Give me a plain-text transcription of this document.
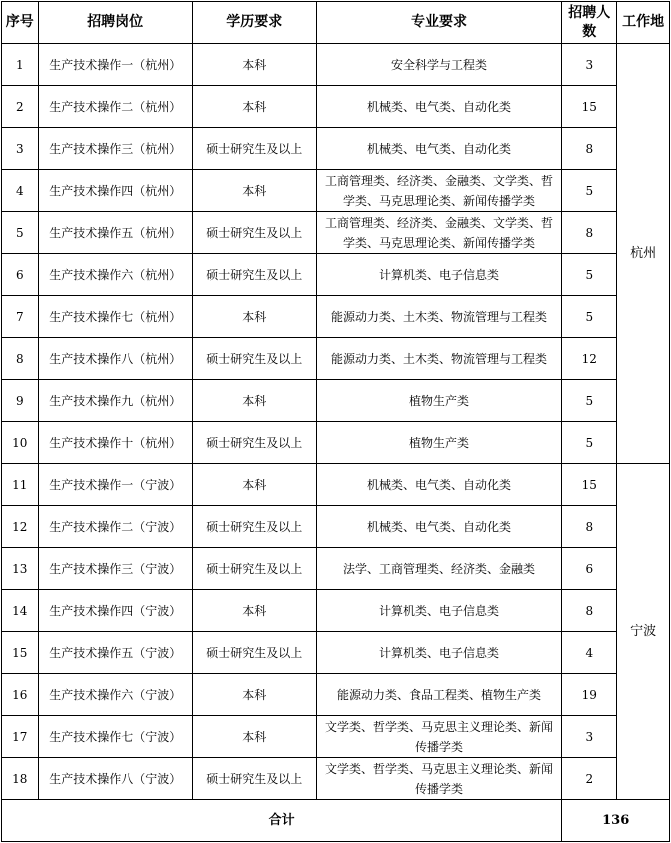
序号	招聘岗位	学历要求	专业要求	招聘人数	工作地
1	生产技术操作一（杭州）	本科	安全科学与工程类	3	杭州
2	生产技术操作二（杭州）	本科	机械类、电气类、自动化类	15	
3	生产技术操作三（杭州）	硕士研究生及以上	机械类、电气类、自动化类	8	
4	生产技术操作四（杭州）	本科	工商管理类、经济类、金融类、文学类、哲学类、马克思理论类、新闻传播学类	5	
5	生产技术操作五（杭州）	硕士研究生及以上	工商管理类、经济类、金融类、文学类、哲学类、马克思理论类、新闻传播学类	8	
6	生产技术操作六（杭州）	硕士研究生及以上	计算机类、电子信息类	5	
7	生产技术操作七（杭州）	本科	能源动力类、土木类、物流管理与工程类	5	
8	生产技术操作八（杭州）	硕士研究生及以上	能源动力类、土木类、物流管理与工程类	12	
9	生产技术操作九（杭州）	本科	植物生产类	5	
10	生产技术操作十（杭州）	硕士研究生及以上	植物生产类	5	
11	生产技术操作一（宁波）	本科	机械类、电气类、自动化类	15	宁波
12	生产技术操作二（宁波）	硕士研究生及以上	机械类、电气类、自动化类	8	
13	生产技术操作三（宁波）	硕士研究生及以上	法学、工商管理类、经济类、金融类	6	
14	生产技术操作四（宁波）	本科	计算机类、电子信息类	8	
15	生产技术操作五（宁波）	硕士研究生及以上	计算机类、电子信息类	4	
16	生产技术操作六（宁波）	本科	能源动力类、食品工程类、植物生产类	19	
17	生产技术操作七（宁波）	本科	文学类、哲学类、马克思主义理论类、新闻传播学类	3	
18	生产技术操作八（宁波）	硕士研究生及以上	文学类、哲学类、马克思主义理论类、新闻传播学类	2	
合计				136	
